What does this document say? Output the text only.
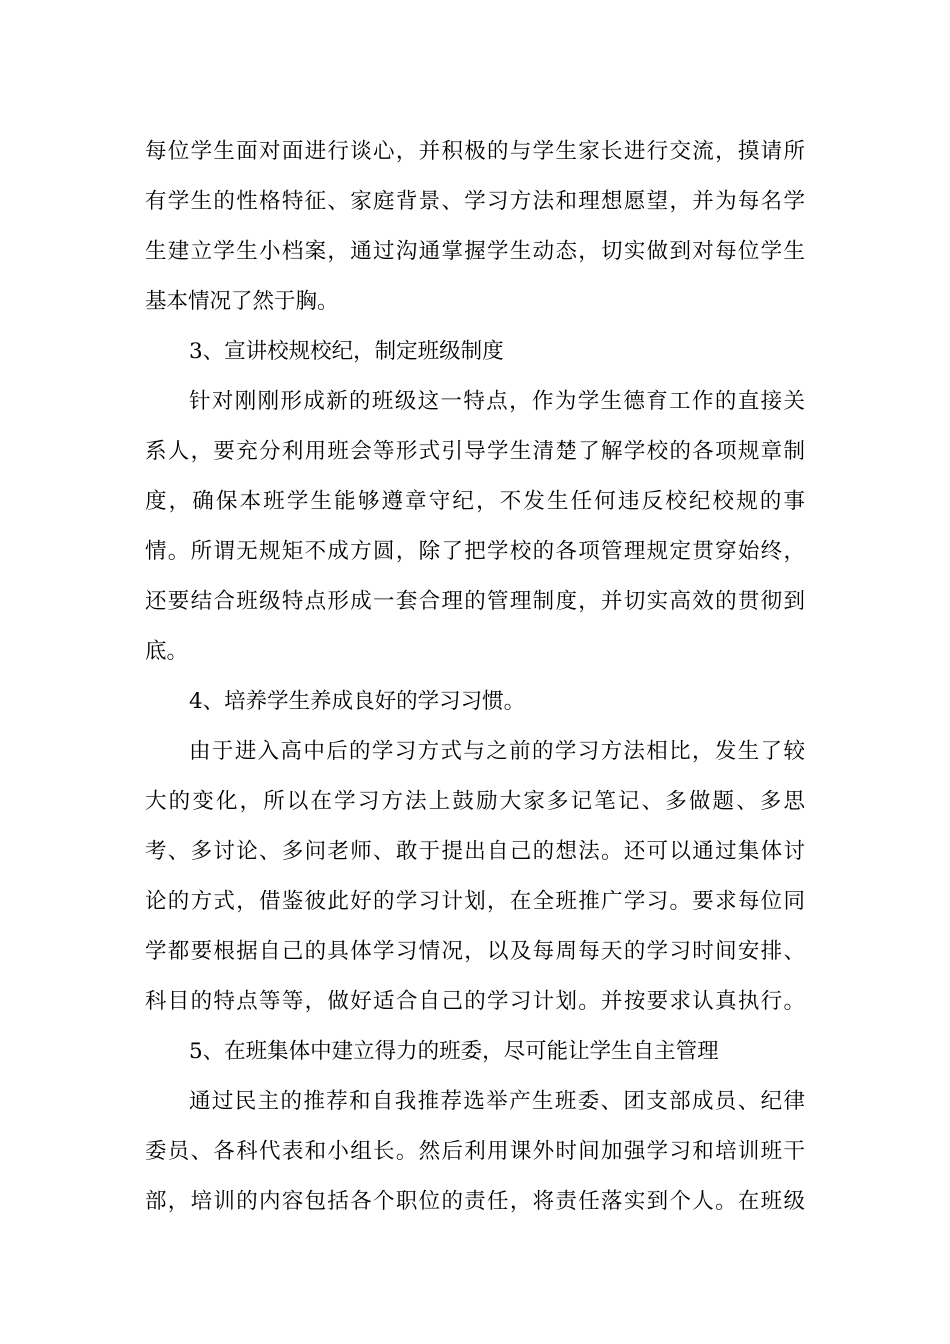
每位学生面对面进行谈心，并积极的与学生家长进行交流，摸请所
有学生的性格特征、家庭背景、学习方法和理想愿望，并为每名学
生建立学生小档案，通过沟通掌握学生动态，切实做到对每位学生
基本情况了然于胸。
3、宣讲校规校纪，制定班级制度
针对刚刚形成新的班级这一特点，作为学生德育工作的直接关
系人，要充分利用班会等形式引导学生清楚了解学校的各项规章制
度，确保本班学生能够遵章守纪，不发生任何违反校纪校规的事
情。所谓无规矩不成方圆，除了把学校的各项管理规定贯穿始终，
还要结合班级特点形成一套合理的管理制度，并切实高效的贯彻到
底。
4、培养学生养成良好的学习习惯。
由于进入高中后的学习方式与之前的学习方法相比，发生了较
大的变化，所以在学习方法上鼓励大家多记笔记、多做题、多思
考、多讨论、多问老师、敢于提出自己的想法。还可以通过集体讨
论的方式，借鉴彼此好的学习计划，在全班推广学习。要求每位同
学都要根据自己的具体学习情况，以及每周每天的学习时间安排、
科目的特点等等，做好适合自己的学习计划。并按要求认真执行。
5、在班集体中建立得力的班委，尽可能让学生自主管理
通过民主的推荐和自我推荐选举产生班委、团支部成员、纪律
委员、各科代表和小组长。然后利用课外时间加强学习和培训班干
部，培训的内容包括各个职位的责任，将责任落实到个人。在班级
